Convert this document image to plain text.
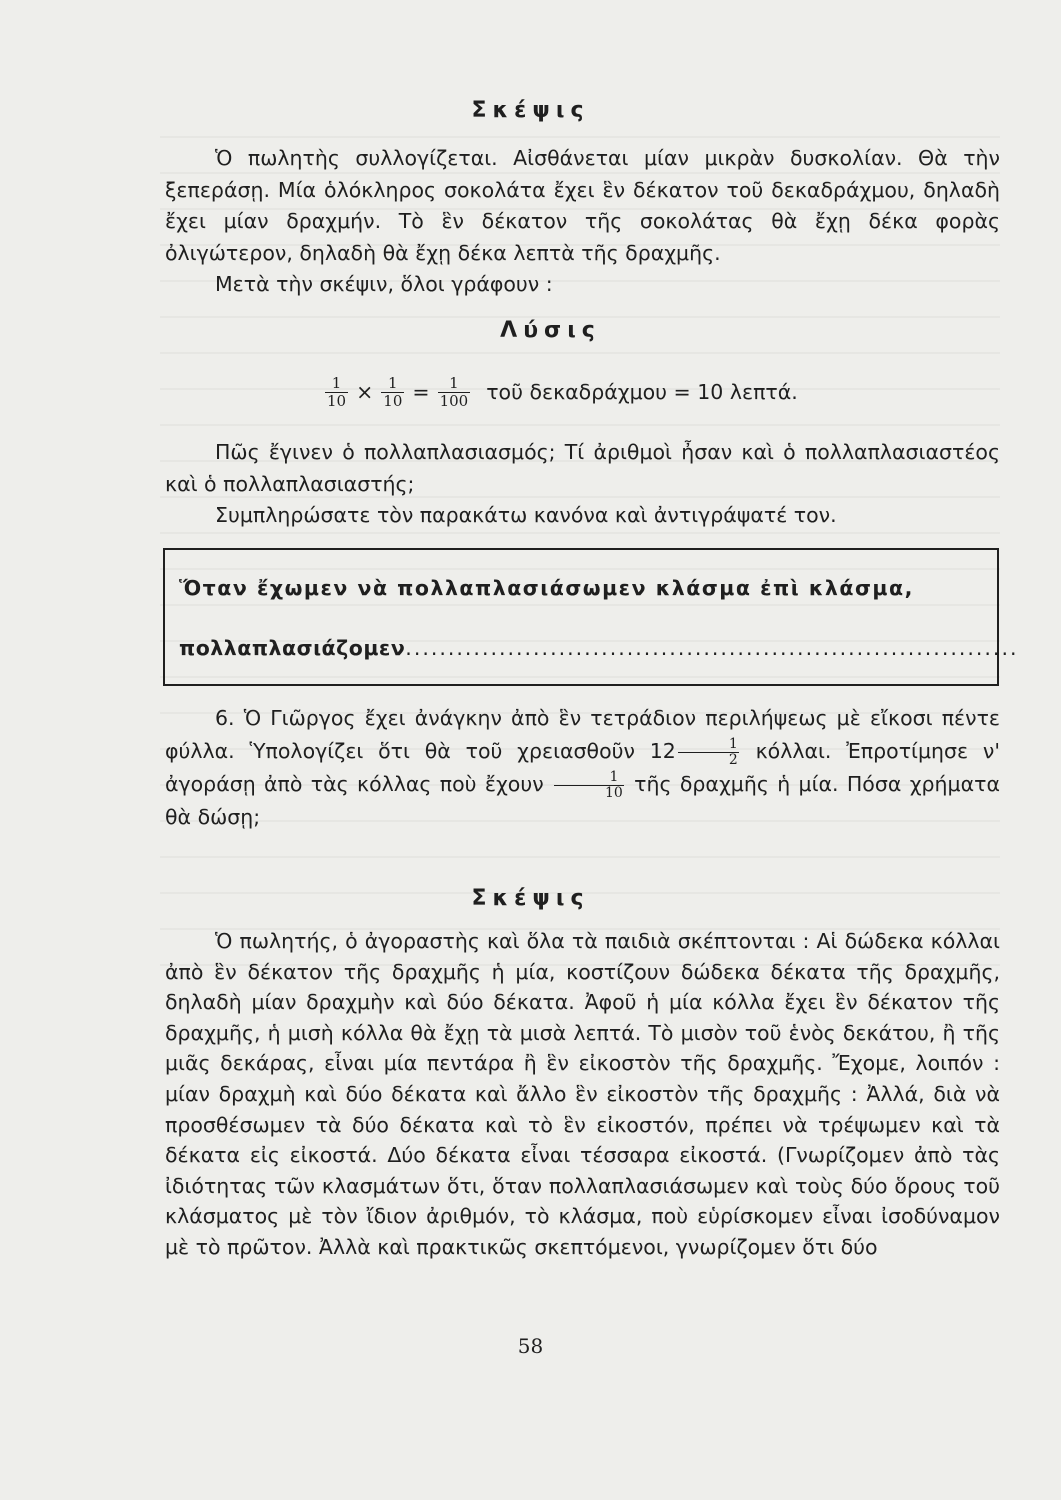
Σκέψις
Ὁ πωλητὴς συλλογίζεται. Αἰσθάνεται μίαν μικρὰν δυσκολίαν. Θὰ τὴν ξεπεράσῃ. Μία ὁλόκληρος σοκολάτα ἔχει ἓν δέκατον τοῦ δεκαδράχμου, δηλαδὴ ἔχει μίαν δραχμήν. Τὸ ἓν δέκατον τῆς σοκολάτας θὰ ἔχῃ δέκα φορὰς ὀλιγώτερον, δηλαδὴ θὰ ἔχῃ δέκα λεπτὰ τῆς δραχμῆς.
Μετὰ τὴν σκέψιν, ὅλοι γράφουν :
Λύσις
$\frac{1}{10} \times \frac{1}{10} = \frac{1}{100}$ τοῦ δεκαδράχμου = 10 λεπτά.
Πῶς ἔγινεν ὁ πολλαπλασιασμός; Τί ἀριθμοὶ ἦσαν καὶ ὁ πολλαπλασιαστέος καὶ ὁ πολλαπλασιαστής;
Συμπληρώσατε τὸν παρακάτω κανόνα καὶ ἀντιγράψατέ τον.
Ὅταν ἔχωμεν νὰ πολλαπλασιάσωμεν κλάσμα ἐπὶ κλάσμα,
πολλαπλασιάζομεν........................................................................
6. Ὁ Γιῶργος ἔχει ἀνάγκην ἀπὸ ἓν τετράδιον περιλήψεως μὲ εἴκοσι πέντε φύλλα. Ὑπολογίζει ὅτι θὰ τοῦ χρειασθοῦν $12 \frac{1}{2} \kappa ό\lambda\lambda\alpha\iota$. Ἐπροτίμησε ν' ἀγοράσῃ ἀπὸ τὰς κόλλας ποὺ ἔχουν $\frac{1}{10}$ τῆς δραχμῆς ἡ μία. Πόσα χρήματα θὰ δώσῃ;
Σκέψις
Ὁ πωλητής, ὁ ἀγοραστὴς καὶ ὅλα τὰ παιδιὰ σκέπτονται : Αἱ δώδεκα κόλλαι ἀπὸ ἓν δέκατον τῆς δραχμῆς ἡ μία, κοστίζουν δώδεκα δέκατα τῆς δραχμῆς, δηλαδὴ μίαν δραχμὴν καὶ δύο δέκατα. Ἀφοῦ ἡ μία κόλλα ἔχει ἓν δέκατον τῆς δραχμῆς, ἡ μισὴ κόλλα θὰ ἔχῃ τὰ μισὰ λεπτά. Τὸ μισὸν τοῦ ἑνὸς δεκάτου, ἢ τῆς μιᾶς δεκάρας, εἶναι μία πεντάρα ἢ ἓν εἰκοστὸν τῆς δραχμῆς. Ἔχομε, λοιπόν : μίαν δραχμὴ καὶ δύο δέκατα καὶ ἄλλο ἓν εἰκοστὸν τῆς δραχμῆς : Ἀλλά, διὰ νὰ προσθέσωμεν τὰ δύο δέκατα καὶ τὸ ἓν εἰκοστόν, πρέπει νὰ τρέψωμεν καὶ τὰ δέκατα εἰς εἰκοστά. Δύο δέκατα εἶναι τέσσαρα εἰκοστά. (Γνωρίζομεν ἀπὸ τὰς ἰδιότητας τῶν κλασμάτων ὅτι, ὅταν πολλαπλασιάσωμεν καὶ τοὺς δύο ὅρους τοῦ κλάσματος μὲ τὸν ἴδιον ἀριθμόν, τὸ κλάσμα, ποὺ εὑρίσκομεν εἶναι ἰσοδύναμον μὲ τὸ πρῶτον. Ἀλλὰ καὶ πρακτικῶς σκεπτόμενοι, γνωρίζομεν ὅτι δύο
58
